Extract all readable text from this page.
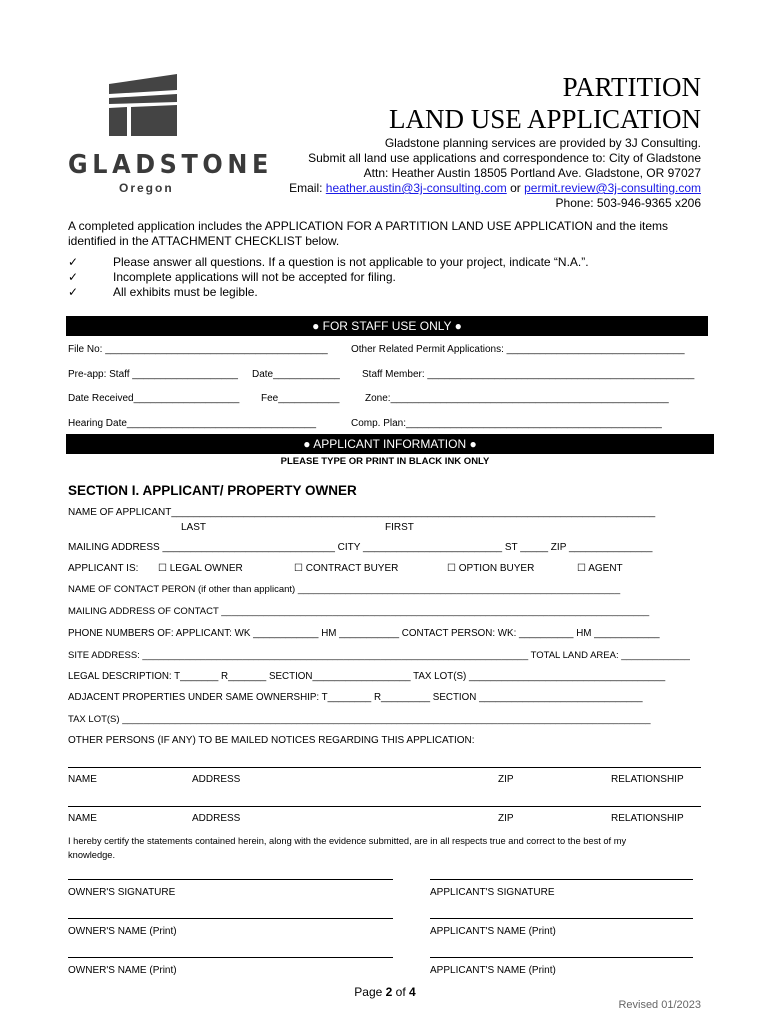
GLADSTONE
Oregon
PARTITION
LAND USE APPLICATION
Gladstone planning services are provided by 3J Consulting.
Submit all land use applications and correspondence to: City of Gladstone
Attn: Heather Austin 18505 Portland Ave. Gladstone, OR 97027
Email: heather.austin@3j-consulting.com or permit.review@3j-consulting.com
Phone: 503-946-9365 x206
A completed application includes the APPLICATION FOR A PARTITION LAND USE APPLICATION and the items
identified in the ATTACHMENT CHECKLIST below.
✓	Please answer all questions. If a question is not applicable to your project, indicate “N.A.”.
✓	Incomplete applications will not be accepted for filing.
✓	All exhibits must be legible.
● FOR STAFF USE ONLY ●
File No: ________________________________________ Other Related Permit Applications: ________________________________
Pre-app: Staff ___________________ Date____________ Staff Member: ________________________________________________
Date Received___________________ Fee___________	Zone:__________________________________________________
Hearing Date__________________________________	Comp. Plan:______________________________________________
● APPLICANT INFORMATION ●
PLEASE TYPE OR PRINT IN BLACK INK ONLY
SECTION I. APPLICANT/ PROPERTY OWNER
NAME OF APPLICANT_______________________________________________________________________________________
LAST	FIRST
MAILING ADDRESS _______________________________ CITY _________________________ ST _____ ZIP _______________
APPLICANT IS: ☐ LEGAL OWNER	☐ CONTRACT BUYER	☐ OPTION BUYER	☐ AGENT
NAME OF CONTACT PERON (if other than applicant) _____________________________________________________________
MAILING ADDRESS OF CONTACT _________________________________________________________________________________
PHONE NUMBERS OF: APPLICANT: WK ____________ HM ___________ CONTACT PERSON: WK: __________ HM ____________
SITE ADDRESS: _________________________________________________________________________ TOTAL LAND AREA: _____________
LEGAL DESCRIPTION: T_______ R_______ SECTION__________________ TAX LOT(S) ____________________________________
ADJACENT PROPERTIES UNDER SAME OWNERSHIP: T________ R_________ SECTION ______________________________
TAX LOT(S) ____________________________________________________________________________________________________
OTHER PERSONS (IF ANY) TO BE MAILED NOTICES REGARDING THIS APPLICATION:
NAME	ADDRESS	ZIP	RELATIONSHIP
NAME	ADDRESS	ZIP	RELATIONSHIP
I hereby certify the statements contained herein, along with the evidence submitted, are in all respects true and correct to the best of my
knowledge.
OWNER'S SIGNATURE	APPLICANT'S SIGNATURE
OWNER'S NAME (Print)	APPLICANT'S NAME (Print)
OWNER'S NAME (Print)	APPLICANT'S NAME (Print)
Page 2 of 4
Revised 01/2023
